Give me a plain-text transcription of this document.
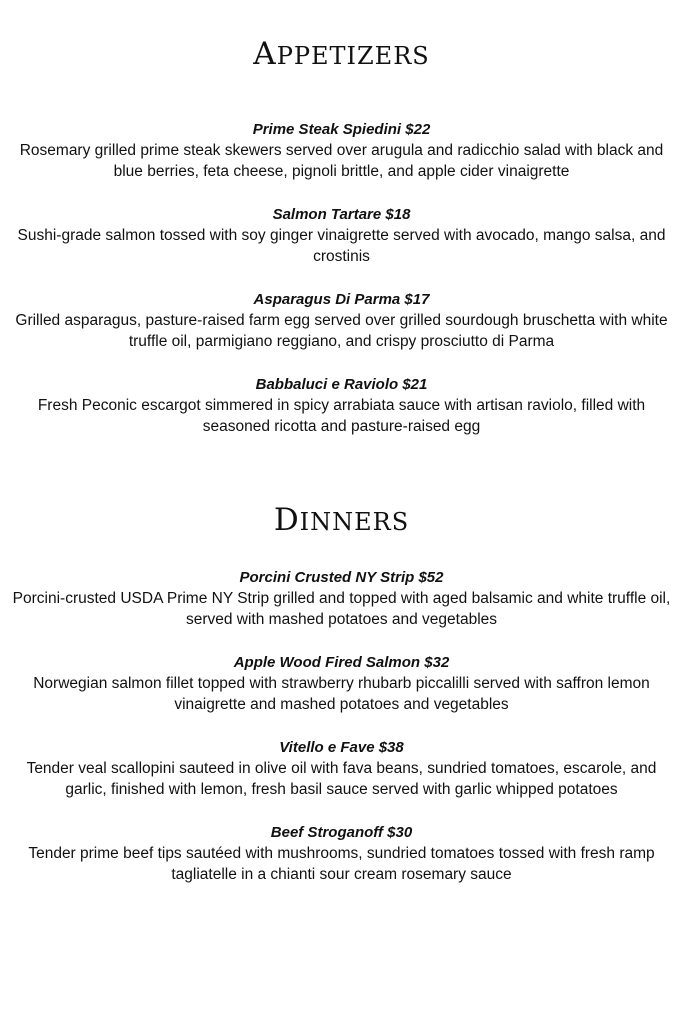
APPETIZERS
Prime Steak Spiedini $22
Rosemary grilled prime steak skewers served over arugula and radicchio salad with black and blue berries, feta cheese, pignoli brittle, and apple cider vinaigrette
Salmon Tartare $18
Sushi-grade salmon tossed with soy ginger vinaigrette served with avocado, mango salsa, and crostinis
Asparagus Di Parma $17
Grilled asparagus, pasture-raised farm egg served over grilled sourdough bruschetta with white truffle oil, parmigiano reggiano, and crispy prosciutto di Parma
Babbaluci e Raviolo $21
Fresh Peconic escargot simmered in spicy arrabiata sauce with artisan raviolo, filled with seasoned ricotta and pasture-raised egg
DINNERS
Porcini Crusted NY Strip $52
Porcini-crusted USDA Prime NY Strip grilled and topped with aged balsamic and white truffle oil, served with mashed potatoes and vegetables
Apple Wood Fired Salmon $32
Norwegian salmon fillet topped with strawberry rhubarb piccalilli served with saffron lemon vinaigrette and mashed potatoes and vegetables
Vitello e Fave $38
Tender veal scallopini sauteed in olive oil with fava beans, sundried tomatoes, escarole, and garlic, finished with lemon, fresh basil sauce served with garlic whipped potatoes
Beef Stroganoff $30
Tender prime beef tips sautéed with mushrooms, sundried tomatoes tossed with fresh ramp tagliatelle in a chianti sour cream rosemary sauce
